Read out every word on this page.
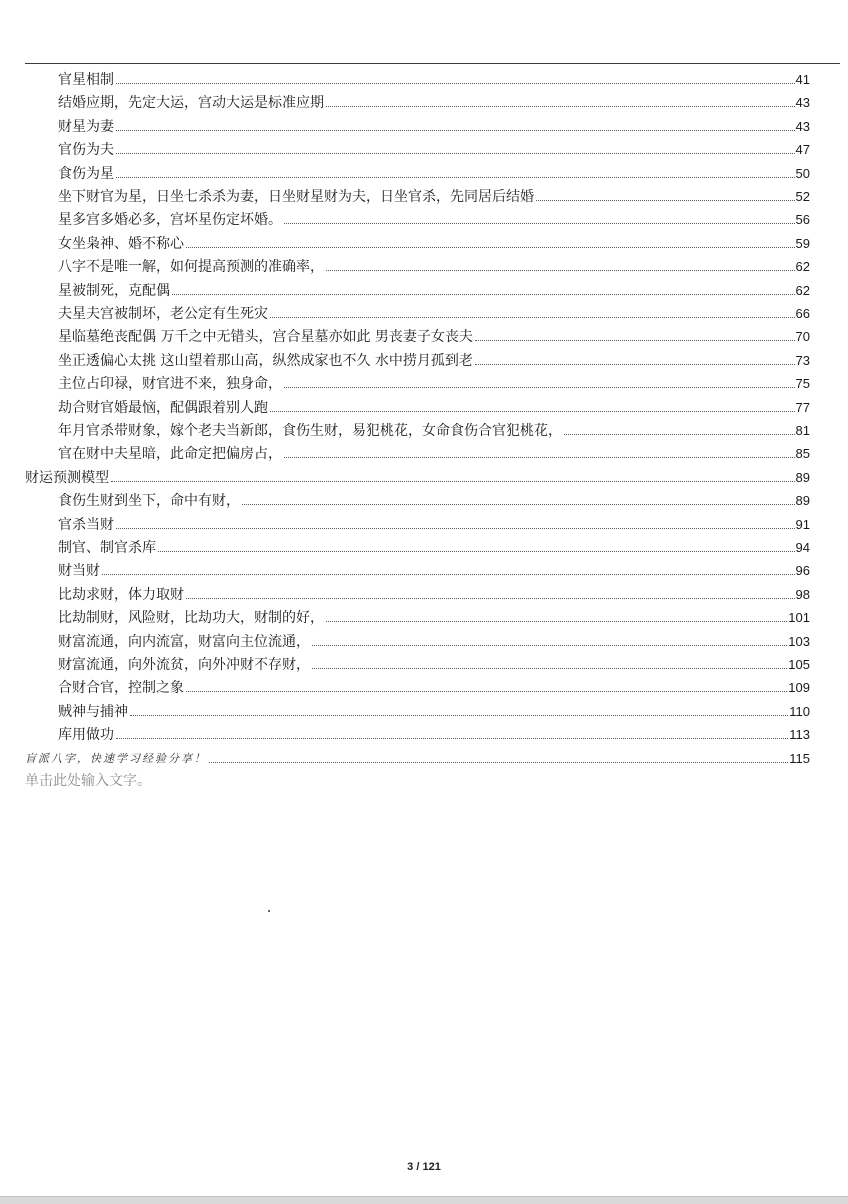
官星相制	41
结婚应期，先定大运，宫动大运是标准应期	43
财星为妻	43
官伤为夫	47
食伤为星	50
坐下财官为星，日坐七杀杀为妻，日坐财星财为夫，日坐官杀，先同居后结婚	52
星多宫多婚必多，宫坏星伤定坏婚。	56
女坐枭神、婚不称心	59
八字不是唯一解，如何提高预测的准确率，	62
星被制死，克配偶	62
夫星夫宫被制坏，老公定有生死灾	66
星临墓绝丧配偶 万千之中无错头，宫合星墓亦如此 男丧妻子女丧夫	70
坐正透偏心太挑 这山望着那山高，纵然成家也不久 水中捞月孤到老	73
主位占印禄，财官进不来，独身命，	75
劫合财官婚最恼，配偶跟着别人跑	77
年月官杀带财象，嫁个老夫当新郎，食伤生财，易犯桃花，女命食伤合官犯桃花，	81
官在财中夫星暗，此命定把偏房占，	85
财运预测模型	89
食伤生财到坐下，命中有财，	89
官杀当财	91
制官、制官杀库	94
财当财	96
比劫求财，体力取财	98
比劫制财，风险财，比劫功大，财制的好，	101
财富流通，向内流富，财富向主位流通，	103
财富流通，向外流贫，向外冲财不存财，	105
合财合官，控制之象	109
贼神与捕神	110
库用做功	113
盲派八字，快速学习经验分享！	115
单击此处输入文字。
3 / 121
